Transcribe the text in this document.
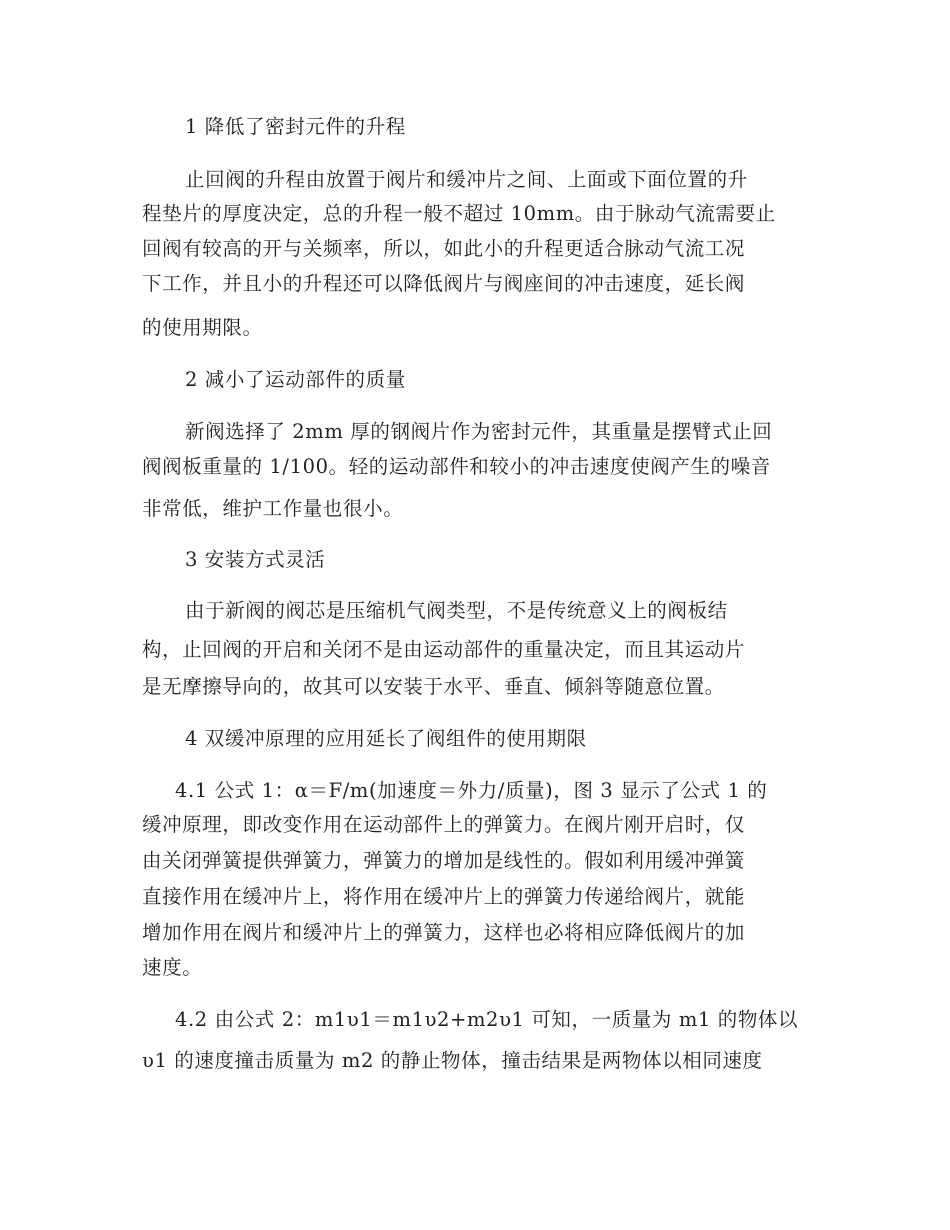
1 降低了密封元件的升程
止回阀的升程由放置于阀片和缓冲片之间、上面或下面位置的升
程垫片的厚度决定，总的升程一般不超过 10mm。由于脉动气流需要止
回阀有较高的开与关频率，所以，如此小的升程更适合脉动气流工况
下工作，并且小的升程还可以降低阀片与阀座间的冲击速度，延长阀
的使用期限。
2 减小了运动部件的质量
新阀选择了 2mm 厚的钢阀片作为密封元件，其重量是摆臂式止回
阀阀板重量的 1/100。轻的运动部件和较小的冲击速度使阀产生的噪音
非常低，维护工作量也很小。
3 安装方式灵活
由于新阀的阀芯是压缩机气阀类型，不是传统意义上的阀板结
构，止回阀的开启和关闭不是由运动部件的重量决定，而且其运动片
是无摩擦导向的，故其可以安装于水平、垂直、倾斜等随意位置。
4 双缓冲原理的应用延长了阀组件的使用期限
4.1 公式 1：α＝F/m(加速度＝外力/质量)，图 3 显示了公式 1 的
缓冲原理，即改变作用在运动部件上的弹簧力。在阀片刚开启时，仅
由关闭弹簧提供弹簧力，弹簧力的增加是线性的。假如利用缓冲弹簧
直接作用在缓冲片上，将作用在缓冲片上的弹簧力传递给阀片，就能
增加作用在阀片和缓冲片上的弹簧力，这样也必将相应降低阀片的加
速度。
4.2 由公式 2：m1υ1＝m1υ2+m2υ1 可知，一质量为 m1 的物体以
υ1 的速度撞击质量为 m2 的静止物体，撞击结果是两物体以相同速度
